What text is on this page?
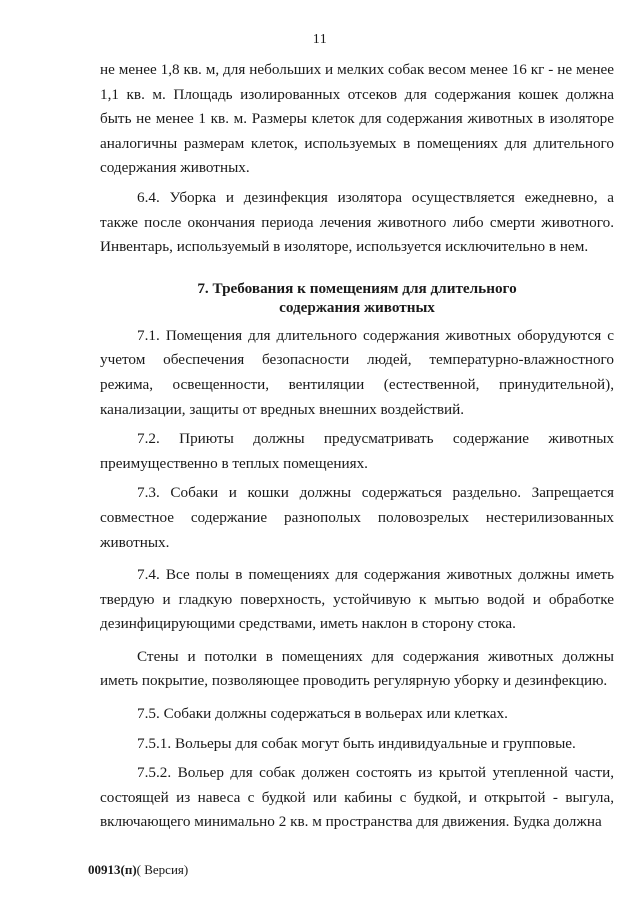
11

не менее 1,8 кв. м, для небольших и мелких собак весом менее 16 кг - не менее 1,1 кв. м. Площадь изолированных отсеков для содержания кошек должна быть не менее 1 кв. м. Размеры клеток для содержания животных в изоляторе аналогичны размерам клеток, используемых в помещениях для длительного содержания животных.

6.4. Уборка и дезинфекция изолятора осуществляется ежедневно, а также после окончания периода лечения животного либо смерти животного. Инвентарь, используемый в изоляторе, используется исключительно в нем.

7. Требования к помещениям для длительного
содержания животных

7.1. Помещения для длительного содержания животных оборудуются с учетом обеспечения безопасности людей, температурно-влажностного режима, освещенности, вентиляции (естественной, принудительной), канализации, защиты от вредных внешних воздействий.

7.2. Приюты должны предусматривать содержание животных преимущественно в теплых помещениях.

7.3. Собаки и кошки должны содержаться раздельно. Запрещается совместное содержание разнополых половозрелых нестерилизованных животных.

7.4. Все полы в помещениях для содержания животных должны иметь твердую и гладкую поверхность, устойчивую к мытью водой и обработке дезинфицирующими средствами, иметь наклон в сторону стока.

Стены и потолки в помещениях для содержания животных должны иметь покрытие, позволяющее проводить регулярную уборку и дезинфекцию.

7.5. Собаки должны содержаться в вольерах или клетках.

7.5.1. Вольеры для собак могут быть индивидуальные и групповые.

7.5.2. Вольер для собак должен состоять из крытой утепленной части, состоящей из навеса с будкой или кабины с будкой, и открытой - выгула, включающего минимально 2 кв. м пространства для движения. Будка должна

00913(п)( Версия)
